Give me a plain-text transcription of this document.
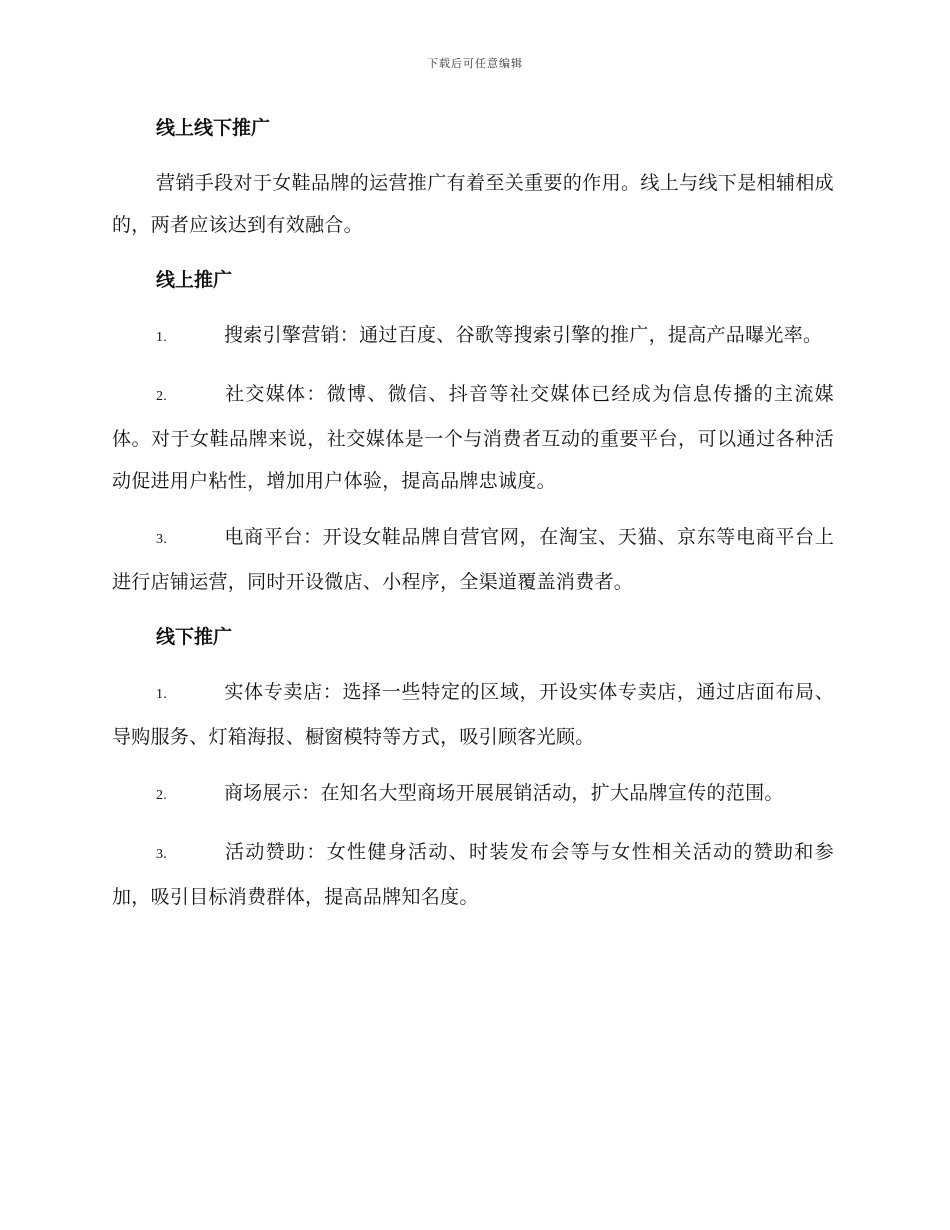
下载后可任意编辑
线上线下推广
营销手段对于女鞋品牌的运营推广有着至关重要的作用。线上与线下是相辅相成的，两者应该达到有效融合。
线上推广
1.	搜索引擎营销：通过百度、谷歌等搜索引擎的推广，提高产品曝光率。
2.	社交媒体：微博、微信、抖音等社交媒体已经成为信息传播的主流媒体。对于女鞋品牌来说，社交媒体是一个与消费者互动的重要平台，可以通过各种活动促进用户粘性，增加用户体验，提高品牌忠诚度。
3.	电商平台：开设女鞋品牌自营官网，在淘宝、天猫、京东等电商平台上进行店铺运营，同时开设微店、小程序，全渠道覆盖消费者。
线下推广
1.	实体专卖店：选择一些特定的区域，开设实体专卖店，通过店面布局、导购服务、灯箱海报、橱窗模特等方式，吸引顾客光顾。
2.	商场展示：在知名大型商场开展展销活动，扩大品牌宣传的范围。
3.	活动赞助：女性健身活动、时装发布会等与女性相关活动的赞助和参加，吸引目标消费群体，提高品牌知名度。
